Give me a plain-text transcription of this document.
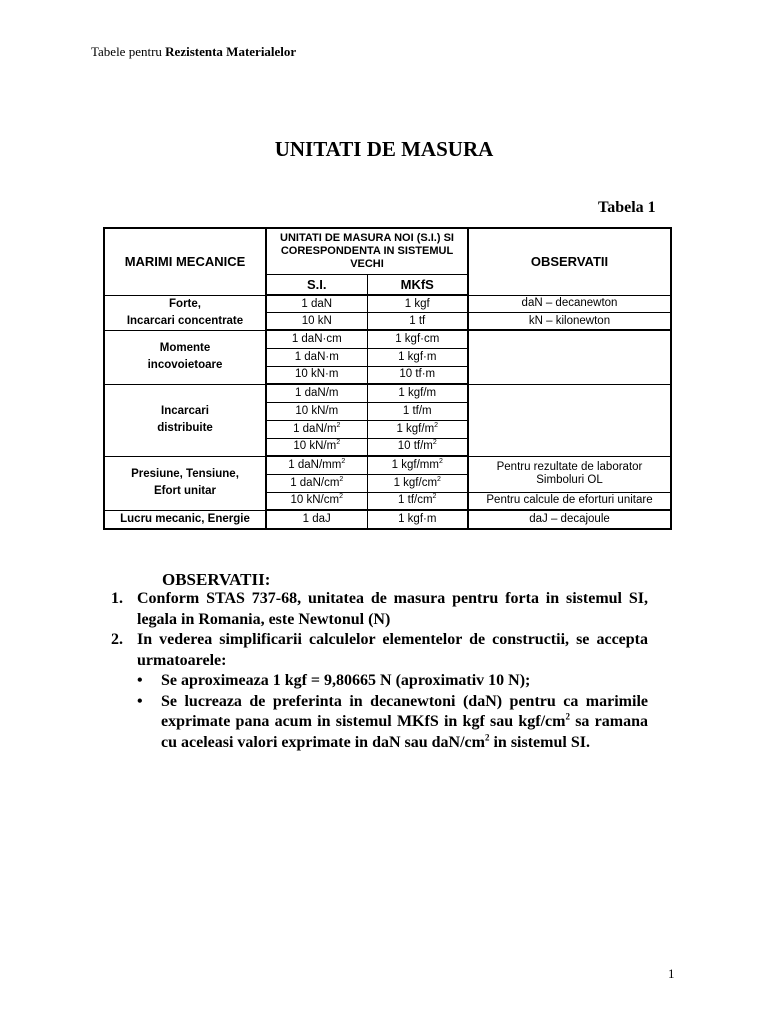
Tabele pentru Rezistenta Materialelor
UNITATI DE MASURA
Tabela 1
MARIMI MECANICE	UNITATI DE MASURA NOI (S.I.) SI CORESPONDENTA IN SISTEMUL VECHI		OBSERVATII
	S.I.	MKfS	
Forte,
Incarcari concentrate	1 daN	1 kgf	daN – decanewton
	10 kN	1 tf	kN – kilonewton
Momente
incovoietoare	1 daN·cm	1 kgf·cm	
	1 daN·m	1 kgf·m	
	10 kN·m	10 tf·m	
Incarcari
distribuite	1 daN/m	1 kgf/m	
	10 kN/m	1 tf/m	
	1 daN/$m^2$	1 kgf/$m^2$
	10 $kN/m^2$	10 $tf/m^2$
Presiune, Tensiune,
Efort unitar	1 daN/$mm^2$	1 kgf/$mm^2$	Pentru rezultate de laborator
Simboluri OL
	1 daN/$cm^2$	1 kgf/$cm^2$
	10 $kN/cm^2$	1 $tf/cm^2$	Pentru calcule de eforturi unitare
Lucru mecanic, Energie	1 daJ	1 kgf·m	daJ – decajoule
OBSERVATII:
1. Conform STAS 737-68, unitatea de masura pentru forta in sistemul SI, legala in Romania, este Newtonul (N)
2. In vederea simplificarii calculelor elementelor de constructii, se accepta urmatoarele:
•	Se aproximeaza 1 kgf = 9,80665 N (aproximativ 10 N);
•	Se lucreaza de preferinta in decanewtoni (daN) pentru ca marimile exprimate pana acum in sistemul MKfS in kgf sau kgf/$cm^2$ sa ramana cu aceleasi valori exprimate in daN sau daN/$cm^2$ in sistemul SI.
1
